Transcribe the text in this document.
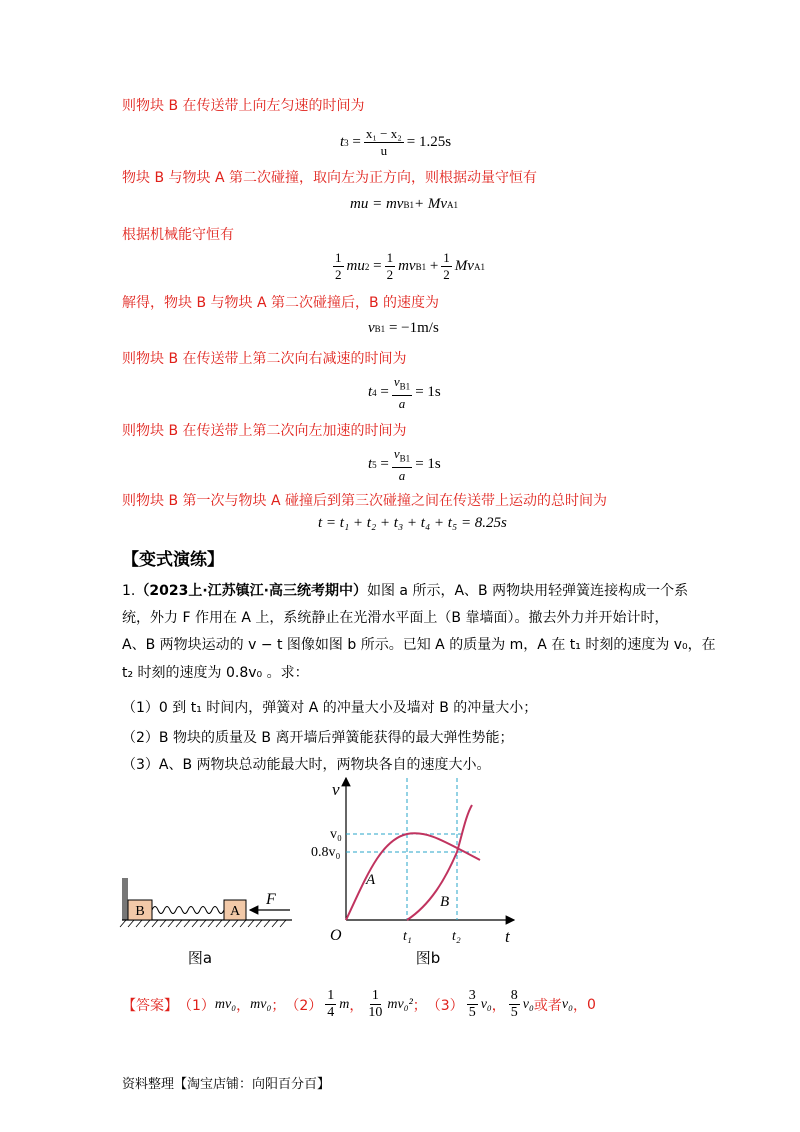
则物块 B 在传送带上向左匀速的时间为
t $3 = \frac{\text{x₁ − x₂}}{u} = 1.25s$
物块 B 与物块 A 第二次碰撞，取向左为正方向，则根据动量守恒有
mu = mv B1 + Mv A1
根据机械能守恒有
$\frac{1}{2}$ mu $2 = \frac{1}{2}$ mv $B1 + \frac{1}{2}$ Mv A1
解得，物块 B 与物块 A 第二次碰撞后，B 的速度为
v B1
= −1m/s
则物块 B 在传送带上第二次向右减速的时间为
t $4 = \frac{v_{B1}}{a} = 1s$
则物块 B 在传送带上第二次向左加速的时间为
t $5 = \frac{v_{B1}}{a} = 1s$
则物块 B 第一次与物块 A 碰撞后到第三次碰撞之间在传送带上运动的总时间为
t = t₁ + t₂ + t₃ + t₄ + t₅ = 8.25s
【变式演练】
1.（2023上·江苏镇江·高三统考期中）如图 a 所示，A、B 两物块用轻弹簧连接构成一个系
统，外力 F 作用在 A 上，系统静止在光滑水平面上（B 靠墙面）。撤去外力并开始计时，
A、B 两物块运动的 v − t 图像如图 b 所示。已知 A 的质量为 m，A 在 t₁ 时刻的速度为 v₀，在
t₂ 时刻的速度为 0.8v₀ 。求：
（1）0 到 t₁ 时间内，弹簧对 A 的冲量大小及墙对 B 的冲量大小；
（2）B 物块的质量及 B 离开墙后弹簧能获得的最大弹性势能；
（3）A、B 两物块总动能最大时，两物块各自的速度大小。
B	A
F
图a
v
t
O
v₀
0.8v₀
t₁	t₂
A
B
图b
【答案】 （1） mv₀ ， mv₀ ； $(2) \frac{1}{4}$ m ， $\frac{1}{10} mv_0^2$ ； $(3) \frac{3}{5} v_0$ ， $\frac{8}{5} v_0$ 或者 v₀ ， 0
资料整理【淘宝店铺：向阳百分百】
